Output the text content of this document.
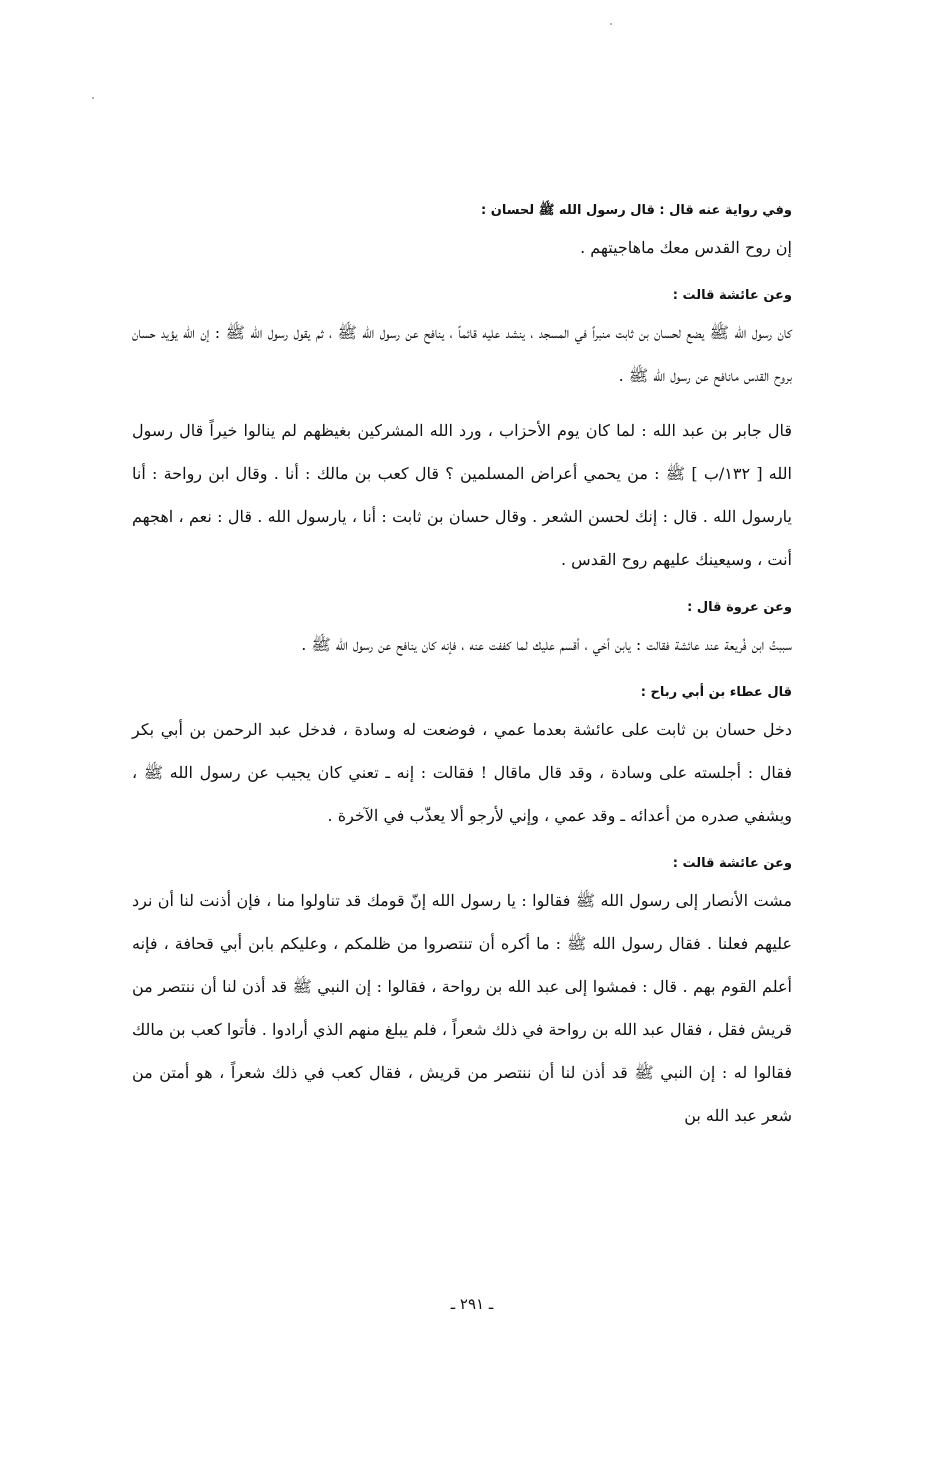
وفي رواية عنه قال : قال رسول الله ﷺ لحسان :
إن روح القدس معك ماهاجيتهم .
وعن عائشة قالت :
كان رسول الله ﷺ يضع لحسان بن ثابت منبراً في المسجد ، ينشد عليه قائماً ، ينافح عن رسول الله ﷺ ، ثم يقول رسول الله ﷺ : إن الله يؤيد حسان بروح القدس مانافح عن رسول الله ﷺ .
قال جابر بن عبد الله : لما كان يوم الأحزاب ، ورد الله المشركين بغيظهم لم ينالوا خيراً قال رسول الله [ ١٣٢/ب ] ﷺ : من يحمي أعراض المسلمين ؟ قال كعب بن مالك : أنا . وقال ابن رواحة : أنا يارسول الله . قال : إنك لحسن الشعر . وقال حسان بن ثابت : أنا ، يارسول الله . قال : نعم ، اهجهم أنت ، وسيعينك عليهم روح القدس .
وعن عروة قال :
سببتُ ابن فُريعة عند عائشة فقالت : يابن أخي ، أقسم عليك لما كففت عنه ، فإنه كان ينافح عن رسول الله ﷺ .
قال عطاء بن أبي رباح :
دخل حسان بن ثابت على عائشة بعدما عمي ، فوضعت له وسادة ، فدخل عبد الرحمن بن أبي بكر فقال : أجلسته على وسادة ، وقد قال ماقال ! فقالت : إنه ـ تعني كان يجيب عن رسول الله ﷺ ، ويشفي صدره من أعدائه ـ وقد عمي ، وإني لأرجو ألا يعذّب في الآخرة .
وعن عائشة قالت :
مشت الأنصار إلى رسول الله ﷺ فقالوا : يا رسول الله إنّ قومك قد تناولوا منا ، فإن أذنت لنا أن نرد عليهم فعلنا . فقال رسول الله ﷺ : ما أكره أن تنتصروا من ظلمكم ، وعليكم بابن أبي قحافة ، فإنه أعلم القوم بهم . قال : فمشوا إلى عبد الله بن رواحة ، فقالوا : إن النبي ﷺ قد أذن لنا أن ننتصر من قريش فقل ، فقال عبد الله بن رواحة في ذلك شعراً ، فلم يبلغ منهم الذي أرادوا . فأتوا كعب بن مالك فقالوا له : إن النبي ﷺ قد أذن لنا أن ننتصر من قريش ، فقال كعب في ذلك شعراً ، هو أمتن من شعر عبد الله بن
ـ ٢٩١ ـ
